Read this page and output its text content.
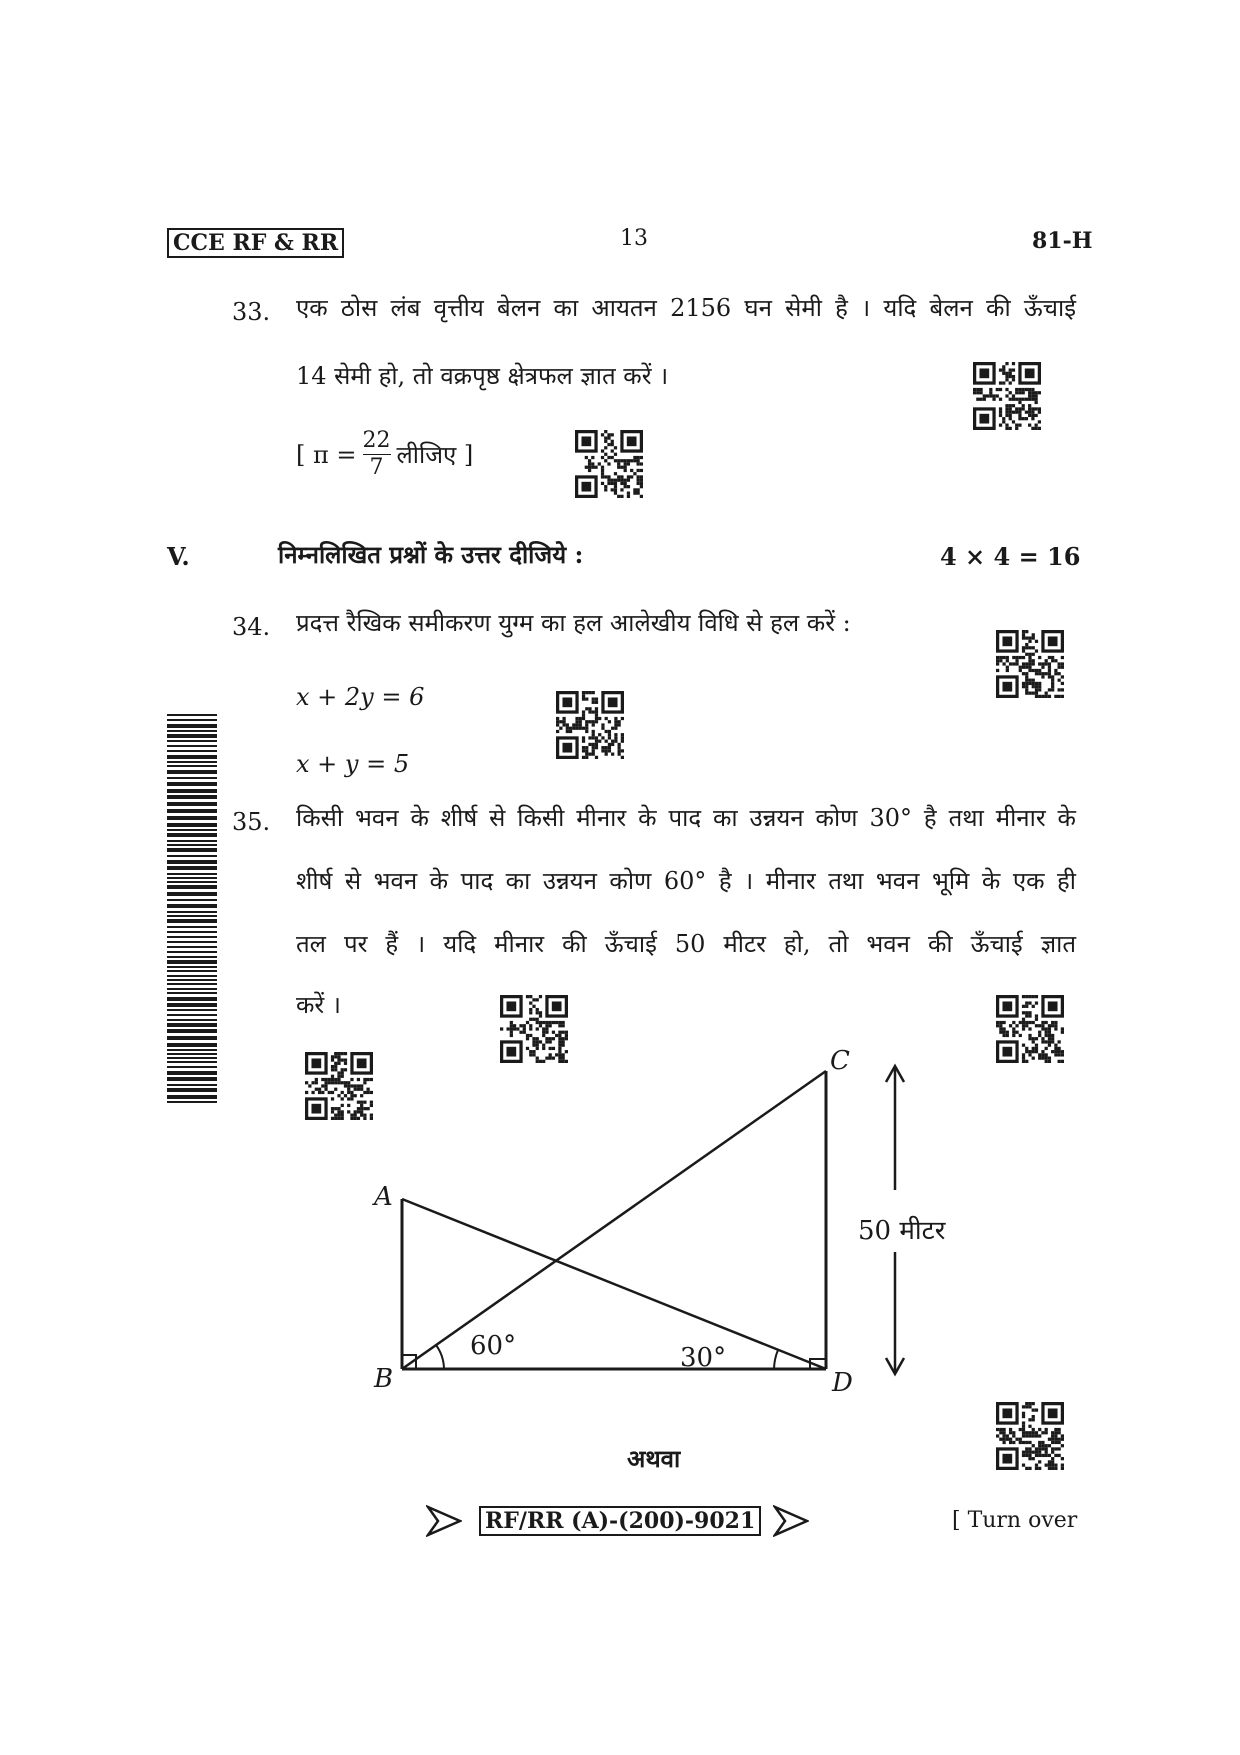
CCE RF & RR	13	81-H
33. एक ठोस लंब वृत्तीय बेलन का आयतन 2156 घन सेमी है । यदि बेलन की ऊँचाई
14 सेमी हो, तो वक्रपृष्ठ क्षेत्रफल ज्ञात करें ।
[ $\pi = \frac{22}{7}$ लीजिए ]
V.	निम्नलिखित प्रश्नों के उत्तर दीजिये :	4 × 4 = 16
34. प्रदत्त रैखिक समीकरण युग्म का हल आलेखीय विधि से हल करें :
x + 2y = 6
x + y = 5
35. किसी भवन के शीर्ष से किसी मीनार के पाद का उन्नयन कोण 30° है तथा मीनार के
शीर्ष से भवन के पाद का उन्नयन कोण 60° है । मीनार तथा भवन भूमि के एक ही
तल पर हैं । यदि मीनार की ऊँचाई 50 मीटर हो, तो भवन की ऊँचाई ज्ञात
करें ।
A
B
C
D
60°	30°
50 मीटर
अथवा
RF/RR (A)-(200)-9021	[ Turn over
